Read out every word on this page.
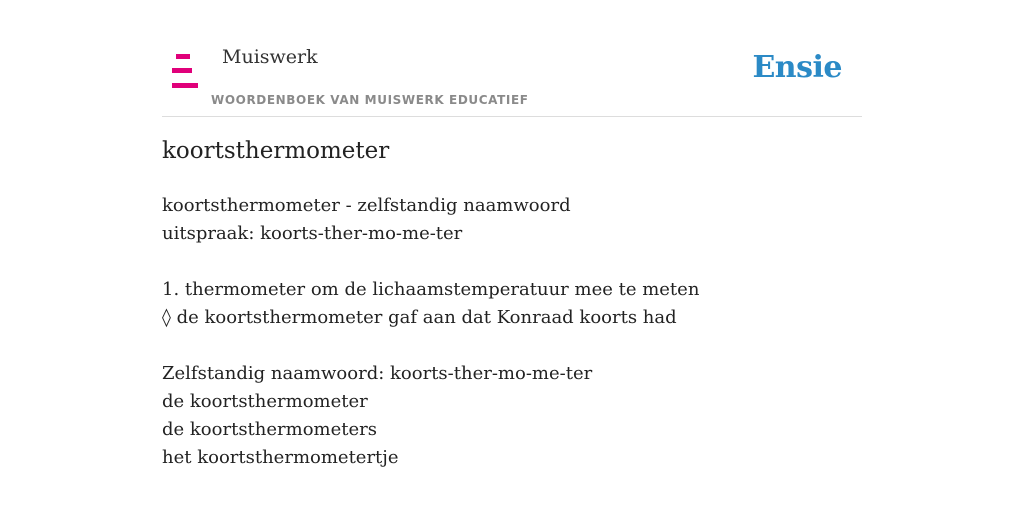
Muiswerk
WOORDENBOEK VAN MUISWERK EDUCATIEF
Ensie
koortsthermometer
koortsthermometer - zelfstandig naamwoord
uitspraak: koorts-ther-mo-me-ter
1. thermometer om de lichaamstemperatuur mee te meten
◊ de koortsthermometer gaf aan dat Konraad koorts had
Zelfstandig naamwoord: koorts-ther-mo-me-ter
de koortsthermometer
de koortsthermometers
het koortsthermometertje
